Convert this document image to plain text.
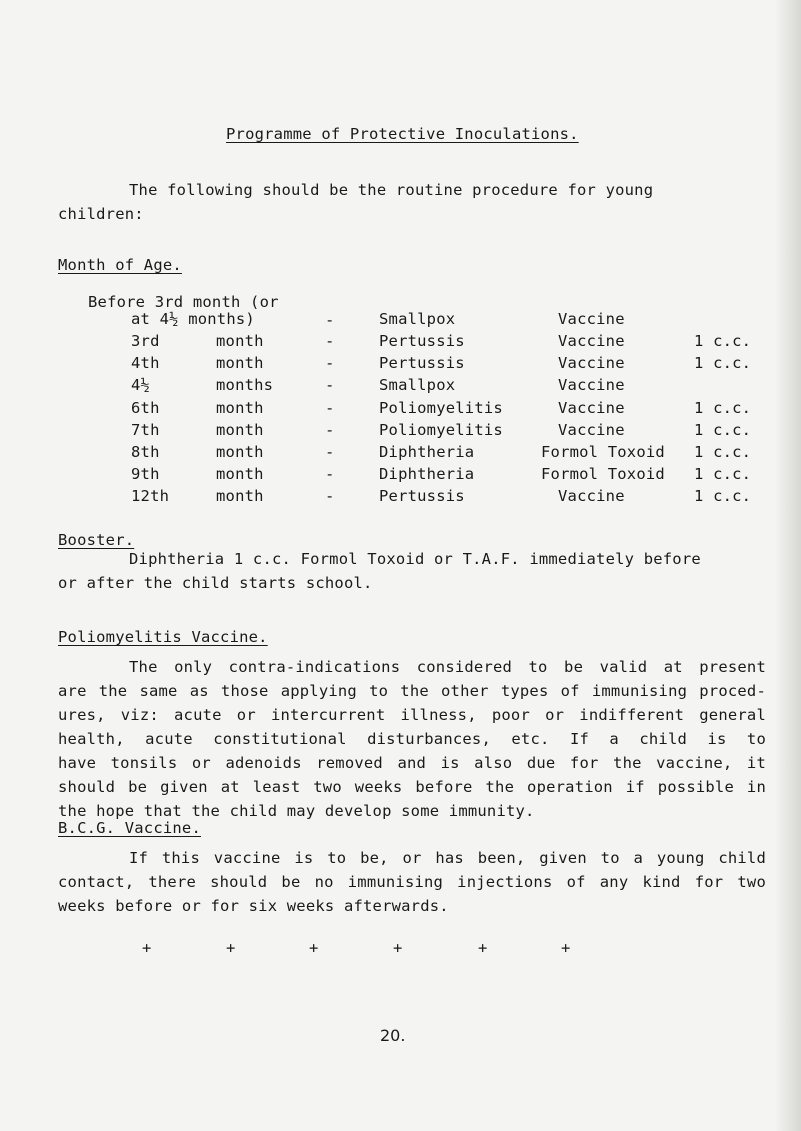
Programme of Protective Inoculations.
The following should be the routine procedure for young
children:
Month of Age.
Before 3rd month (or
at 4½ months)	-	Smallpox	Vaccine
3rd	month	-	Pertussis	Vaccine	1 c.c.
4th	month	-	Pertussis	Vaccine	1 c.c.
4½	months	-	Smallpox	Vaccine
6th	month	-	Poliomyelitis	Vaccine	1 c.c.
7th	month	-	Poliomyelitis	Vaccine	1 c.c.
8th	month	-	Diphtheria	Formol Toxoid 1 c.c.
9th	month	-	Diphtheria	Formol Toxoid 1 c.c.
12th	month	-	Pertussis	Vaccine	1 c.c.
Booster.
Diphtheria 1 c.c. Formol Toxoid or T.A.F. immediately before
or after the child starts school.
Poliomyelitis Vaccine.
The only contra-indications considered to be valid at present
are the same as those applying to the other types of immunising proced-
ures, viz: acute or intercurrent illness, poor or indifferent general
health, acute constitutional disturbances, etc. If a child is to
have tonsils or adenoids removed and is also due for the vaccine, it
should be given at least two weeks before the operation if possible in
the hope that the child may develop some immunity.
B.C.G. Vaccine.
If this vaccine is to be, or has been, given to a young child
contact, there should be no immunising injections of any kind for two
weeks before or for six weeks afterwards.
+	+	+	+	+	+
20.
